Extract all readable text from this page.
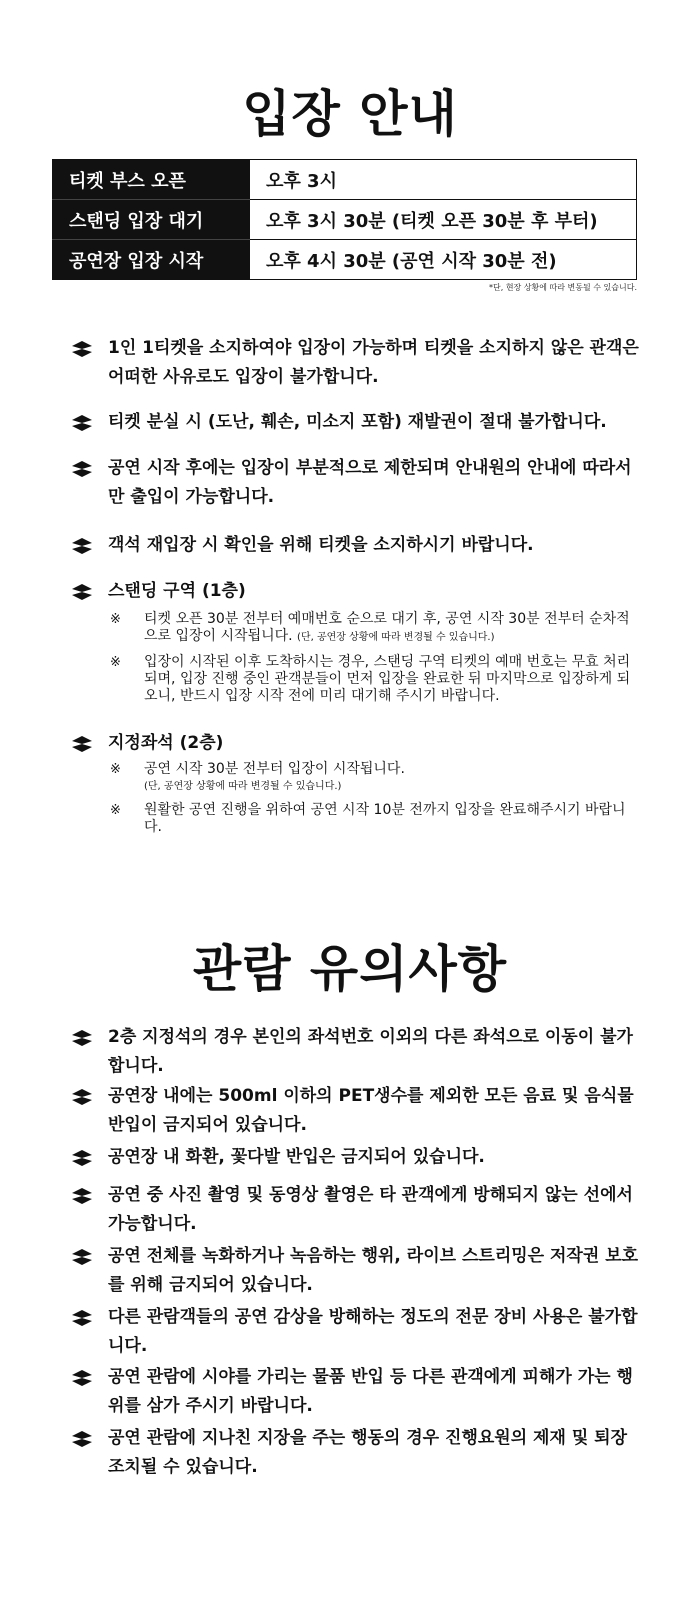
입장 안내
티켓 부스 오픈	오후 3시
스탠딩 입장 대기	오후 3시 30분 (티켓 오픈 30분 후 부터)
공연장 입장 시작	오후 4시 30분 (공연 시작 30분 전)
*단, 현장 상황에 따라 변동될 수 있습니다.
1인 1티켓을 소지하여야 입장이 가능하며 티켓을 소지하지 않은 관객은 어떠한 사유로도 입장이 불가합니다.
티켓 분실 시 (도난, 훼손, 미소지 포함) 재발권이 절대 불가합니다.
공연 시작 후에는 입장이 부분적으로 제한되며 안내원의 안내에 따라서만 출입이 가능합니다.
객석 재입장 시 확인을 위해 티켓을 소지하시기 바랍니다.
스탠딩 구역 (1층)
※ 티켓 오픈 30분 전부터 예매번호 순으로 대기 후, 공연 시작 30분 전부터 순차적으로 입장이 시작됩니다. (단, 공연장 상황에 따라 변경될 수 있습니다.)
※ 입장이 시작된 이후 도착하시는 경우, 스탠딩 구역 티켓의 예매 번호는 무효 처리되며, 입장 진행 중인 관객분들이 먼저 입장을 완료한 뒤 마지막으로 입장하게 되오니, 반드시 입장 시작 전에 미리 대기해 주시기 바랍니다.
지정좌석 (2층)
※ 공연 시작 30분 전부터 입장이 시작됩니다.
(단, 공연장 상황에 따라 변경될 수 있습니다.)
※ 원활한 공연 진행을 위하여 공연 시작 10분 전까지 입장을 완료해주시기 바랍니다.
관람 유의사항
2층 지정석의 경우 본인의 좌석번호 이외의 다른 좌석으로 이동이 불가합니다.
공연장 내에는 500ml 이하의 PET생수를 제외한 모든 음료 및 음식물 반입이 금지되어 있습니다.
공연장 내 화환, 꽃다발 반입은 금지되어 있습니다.
공연 중 사진 촬영 및 동영상 촬영은 타 관객에게 방해되지 않는 선에서 가능합니다.
공연 전체를 녹화하거나 녹음하는 행위, 라이브 스트리밍은 저작권 보호를 위해 금지되어 있습니다.
다른 관람객들의 공연 감상을 방해하는 정도의 전문 장비 사용은 불가합니다.
공연 관람에 시야를 가리는 물품 반입 등 다른 관객에게 피해가 가는 행위를 삼가 주시기 바랍니다.
공연 관람에 지나친 지장을 주는 행동의 경우 진행요원의 제재 및 퇴장 조치될 수 있습니다.
